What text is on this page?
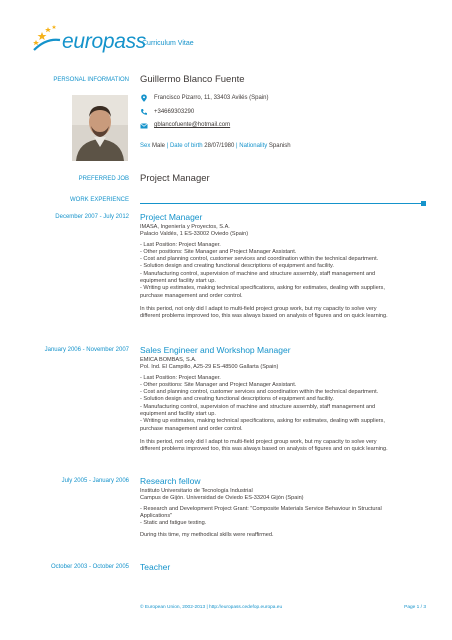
europass
Curriculum Vitae
PERSONAL INFORMATION Guillermo Blanco Fuente
Francisco Pizarro, 11, 33403 Avilés (Spain)
+34669303290
gblancofuente@hotmail.com
Sex Male | Date of birth 28/07/1980 | Nationality Spanish
PREFERRED JOB Project Manager
WORK EXPERIENCE
December 2007 - July 2012 Project Manager
IMASA, Ingeniería y Proyectos, S.A.
Palacio Valdés, 1 ES-33002 Oviedo (Spain)
- Last Position: Project Manager.
- Other positions: Site Manager and Project Manager Assistant.
- Cost and planning control, customer services and coordination within the technical department.
- Solution design and creating functional descriptions of equipment and facility.
- Manufacturing control, supervision of machine and structure assembly, staff management and
equipment and facility start up.
- Writing up estimates, making technical specifications, asking for estimates, dealing with suppliers,
purchase management and order control.
In this period, not only did I adapt to multi-field project group work, but my capacity to solve very
different problems improved too, this was always based on analysis of figures and on quick learning.
January 2006 - November 2007 Sales Engineer and Workshop Manager
EMICA BOMBAS, S.A.
Pol. Ind. El Campillo, A25-29 ES-48500 Gallarta (Spain)
- Last Position: Project Manager.
- Other positions: Site Manager and Project Manager Assistant.
- Cost and planning control, customer services and coordination within the technical department.
- Solution design and creating functional descriptions of equipment and facility.
- Manufacturing control, supervision of machine and structure assembly, staff management and
equipment and facility start up.
- Writing up estimates, making technical specifications, asking for estimates, dealing with suppliers,
purchase management and order control.
In this period, not only did I adapt to multi-field project group work, but my capacity to solve very
different problems improved too, this was always based on analysis of figures and on quick learning.
July 2005 - January 2006 Research fellow
Instituto Universitario de Tecnología Industrial
Campus de Gijón. Universidad de Oviedo ES-33204 Gijón (Spain)
- Research and Development Project Grant: "Composite Materials Service Behaviour in Structural
Applications"
- Static and fatigue testing.
During this time, my methodical skills were reaffirmed.
October 2003 - October 2005 Teacher
© European Union, 2002-2013 | http://europass.cedefop.europa.eu	Page 1 / 3
